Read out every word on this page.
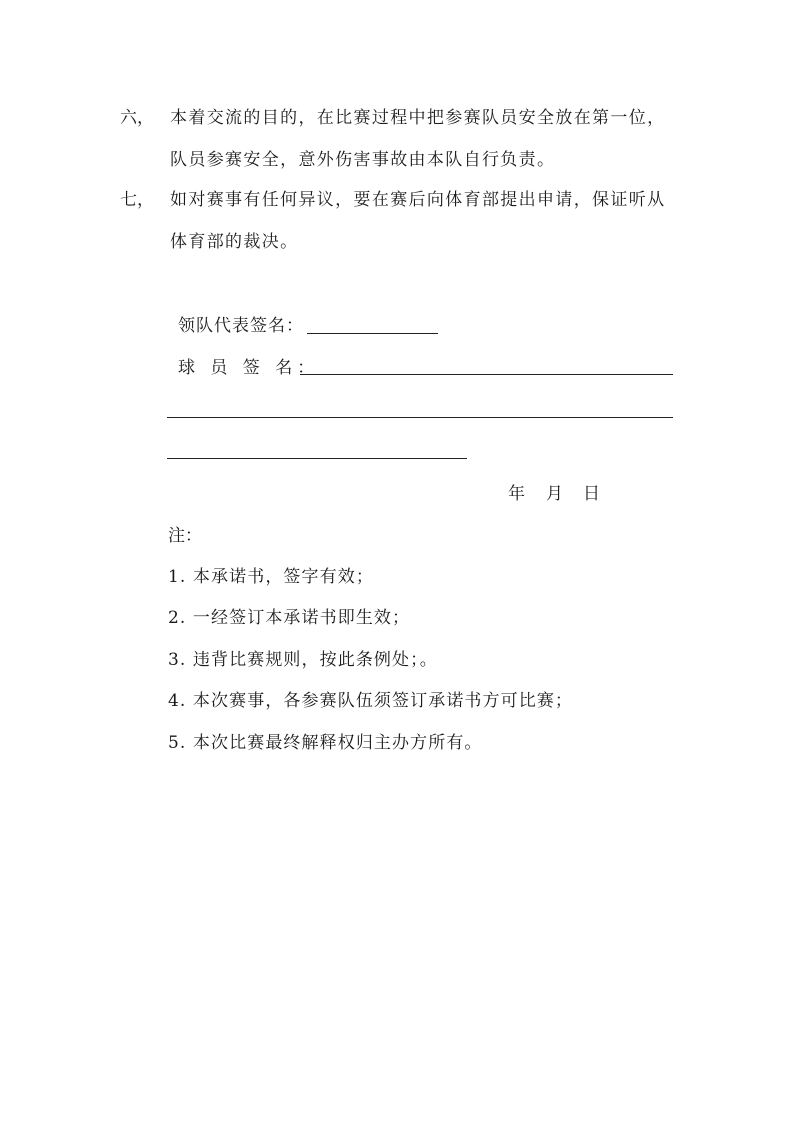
六， 本着交流的目的，在比赛过程中把参赛队员安全放在第一位，
队员参赛安全，意外伤害事故由本队自行负责。
七， 如对赛事有任何异议，要在赛后向体育部提出申请，保证听从
体育部的裁决。
领队代表签名：
球 员 签 名：
年 月 日
注：
1. 本承诺书，签字有效；
2. 一经签订本承诺书即生效；
3. 违背比赛规则，按此条例处；。
4. 本次赛事，各参赛队伍须签订承诺书方可比赛；
5. 本次比赛最终解释权归主办方所有。
